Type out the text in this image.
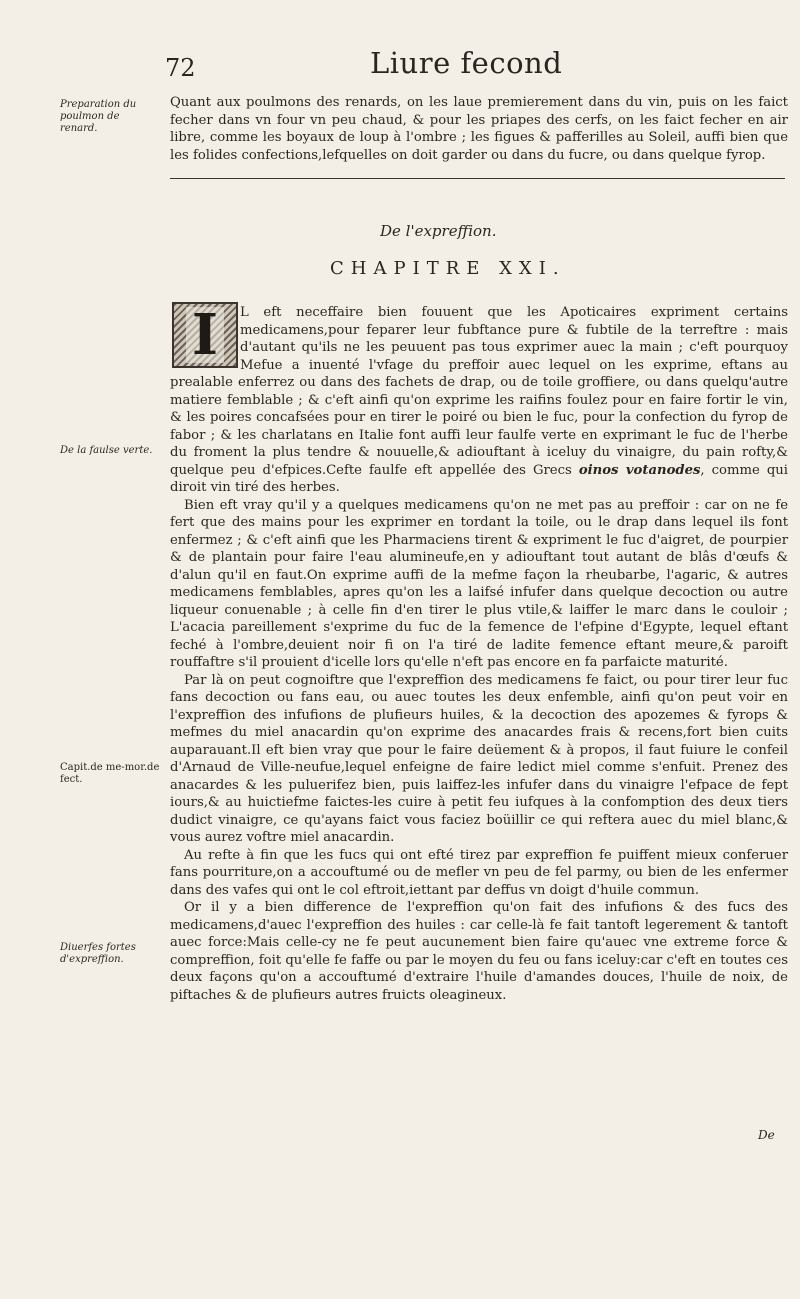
72	Liure fecond
Preparation du poulmon de renard.
Quant aux poulmons des renards, on les laue premierement dans du vin, puis on les faict fecher dans vn four vn peu chaud, & pour les priapes des cerfs, on les faict fecher en air libre, comme les boyaux de loup à l'ombre ; les figues & pafferilles au Soleil, auffi bien que les folides confections,lefquelles on doit garder ou dans du fucre, ou dans quelque fyrop.
De l'expreffion.
CHAPITRE XXI.
I
De la faulse verte.
Capit.de me-mor.de fect.
Diuerfes fortes d'expreffion.

L eft neceffaire bien fouuent que les Apoticaires expriment certains medicamens,pour feparer leur fubftance pure & fubtile de la terreftre : mais d'autant qu'ils ne les peuuent pas tous exprimer auec la main ; c'eft pourquoy Mefue a inuenté l'vfage du preffoir auec lequel on les exprime, eftans au prealable enferrez ou dans des fachets de drap, ou de toile groffiere, ou dans quelqu'autre matiere femblable ; & c'eft ainfi qu'on exprime les raifins foulez pour en faire fortir le vin, & les poires concafsées pour en tirer le poiré ou bien le fuc, pour la confection du fyrop de fabor ; & les charlatans en Italie font auffi leur faulfe verte en exprimant le fuc de l'herbe du froment la plus tendre & nouuelle,& adiouftant à iceluy du vinaigre, du pain rofty,& quelque peu d'efpices.Cefte faulfe eft appellée des Grecs oinos votanodes, comme qui diroit vin tiré des herbes.

Bien eft vray qu'il y a quelques medicamens qu'on ne met pas au preffoir : car on ne fe fert que des mains pour les exprimer en tordant la toile, ou le drap dans lequel ils font enfermez ; & c'eft ainfi que les Pharmaciens tirent & expriment le fuc d'aigret, de pourpier & de plantain pour faire l'eau alumineufe,en y adiouftant tout autant de blâs d'œufs & d'alun qu'il en faut.On exprime auffi de la mefme façon la rheubarbe, l'agaric, & autres medicamens femblables, apres qu'on les a laifsé infufer dans quelque decoction ou autre liqueur conuenable ; à celle fin d'en tirer le plus vtile,& laiffer le marc dans le couloir ; L'acacia pareillement s'exprime du fuc de la femence de l'efpine d'Egypte, lequel eftant feché à l'ombre,deuient noir fi on l'a tiré de ladite femence eftant meure,& paroift rouffaftre s'il prouient d'icelle lors qu'elle n'eft pas encore en fa parfaicte maturité.

Par là on peut cognoiftre que l'expreffion des medicamens fe faict, ou pour tirer leur fuc fans decoction ou fans eau, ou auec toutes les deux enfemble, ainfi qu'on peut voir en l'expreffion des infufions de plufieurs huiles, & la decoction des apozemes & fyrops & mefmes du miel anacardin qu'on exprime des anacardes frais & recens,fort bien cuits auparauant.Il eft bien vray que pour le faire deüement & à propos, il faut fuiure le confeil d'Arnaud de Ville-neufue,lequel enfeigne de faire ledict miel comme s'enfuit. Prenez des anacardes & les puluerifez bien, puis laiffez-les infufer dans du vinaigre l'efpace de fept iours,& au huictiefme faictes-les cuire à petit feu iufques à la confomption des deux tiers dudict vinaigre, ce qu'ayans faict vous faciez boüillir ce qui reftera auec du miel blanc,& vous aurez voftre miel anacardin.

Au refte à fin que les fucs qui ont efté tirez par expreffion fe puiffent mieux conferuer fans pourriture,on a accouftumé ou de mefler vn peu de fel parmy, ou bien de les enfermer dans des vafes qui ont le col eftroit,iettant par deffus vn doigt d'huile commun.

Or il y a bien difference de l'expreffion qu'on fait des infufions & des fucs des medicamens,d'auec l'expreffion des huiles : car celle-là fe fait tantoft legerement & tantoft auec force:Mais celle-cy ne fe peut aucunement bien faire qu'auec vne extreme force & compreffion, foit qu'elle fe faffe ou par le moyen du feu ou fans iceluy:car c'eft en toutes ces deux façons qu'on a accouftumé d'extraire l'huile d'amandes douces, l'huile de noix, de piftaches & de plufieurs autres fruicts oleagineux.

De
